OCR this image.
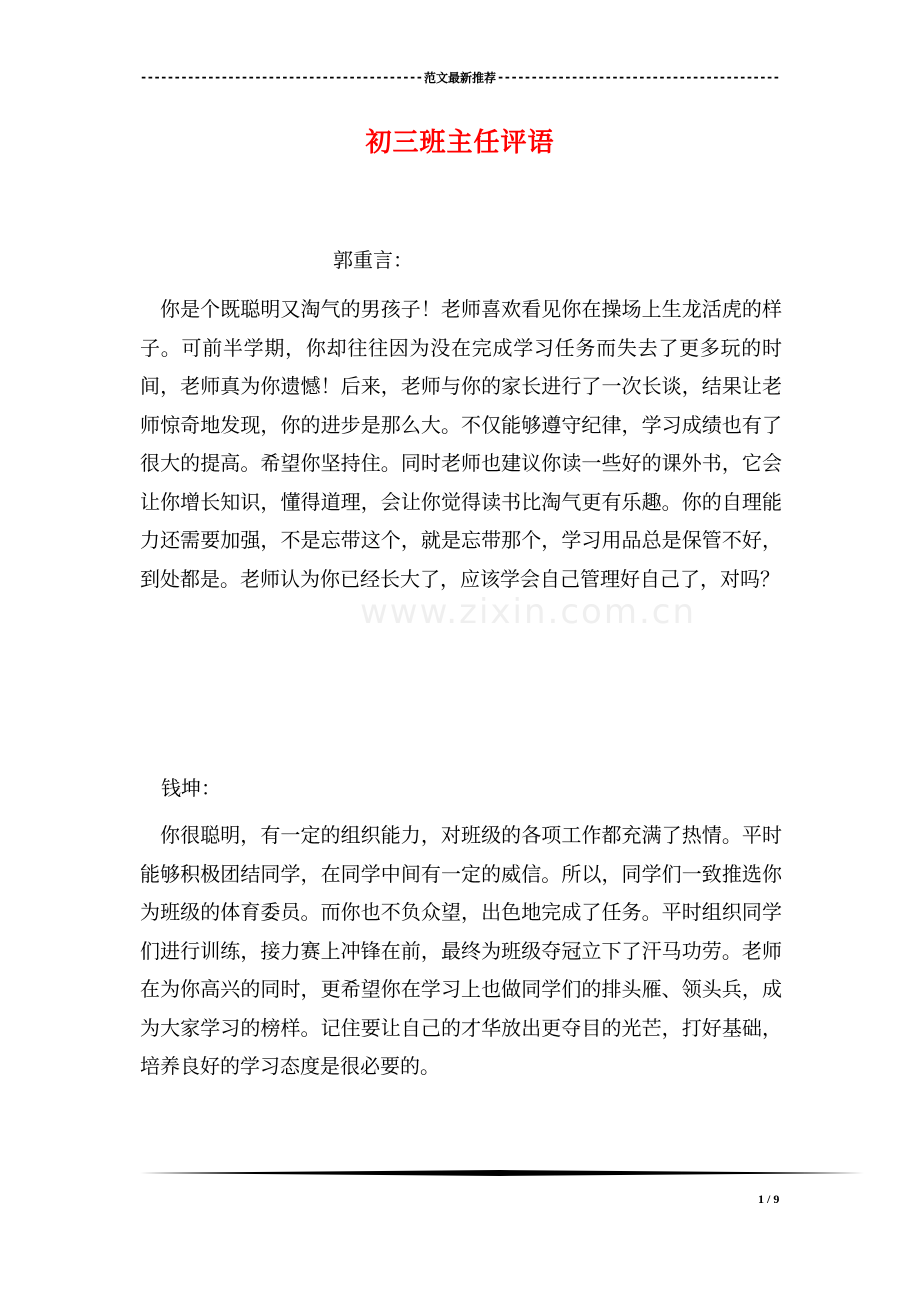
-----
范文最新推荐
-----
初三班主任评语
郭重言：

你是个既聪明又淘气的男孩子！老师喜欢看见你在操场上生龙活虎的样子。可前半学期，你却往往因为没在完成学习任务而失去了更多玩的时间，老师真为你遗憾！后来，老师与你的家长进行了一次长谈，结果让老师惊奇地发现，你的进步是那么大。不仅能够遵守纪律，学习成绩也有了很大的提高。希望你坚持住。同时老师也建议你读一些好的课外书，它会让你增长知识，懂得道理，会让你觉得读书比淘气更有乐趣。你的自理能力还需要加强，不是忘带这个，就是忘带那个，学习用品总是保管不好，到处都是。老师认为你已经长大了，应该学会自己管理好自己了，对吗？

www.zixin.com.cn
钱坤：

你很聪明，有一定的组织能力，对班级的各项工作都充满了热情。平时能够积极团结同学，在同学中间有一定的威信。所以，同学们一致推选你为班级的体育委员。而你也不负众望，出色地完成了任务。平时组织同学们进行训练，接力赛上冲锋在前，最终为班级夺冠立下了汗马功劳。老师在为你高兴的同时，更希望你在学习上也做同学们的排头雁、领头兵，成为大家学习的榜样。记住要让自己的才华放出更夺目的光芒，打好基础，培养良好的学习态度是很必要的。

1 / 9
